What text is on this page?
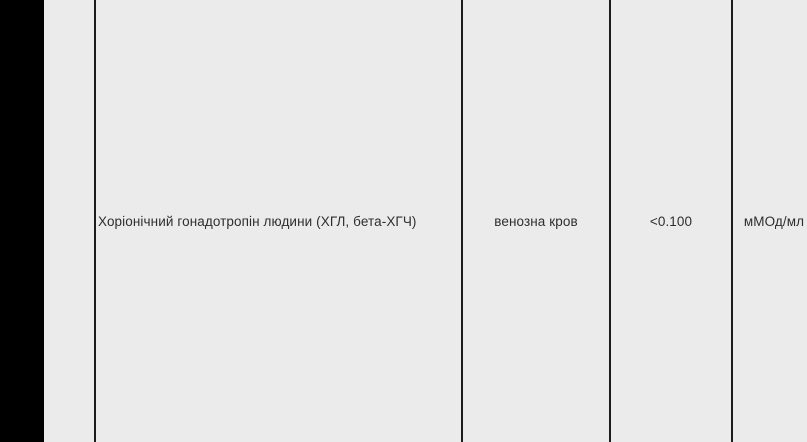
Хоріонічний гонадотропін людини (ХГЛ, бета-ХГЧ)	венозна кров	<0.100	мМОд/мл
